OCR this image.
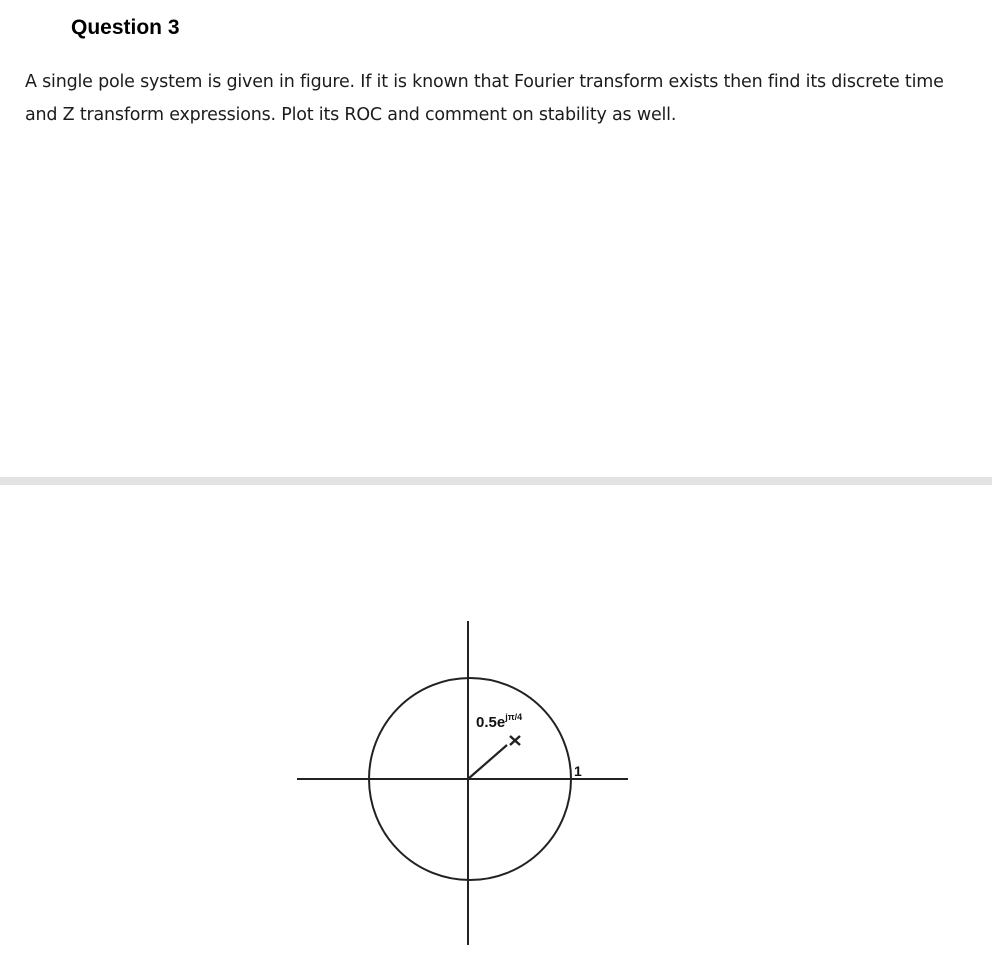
Question 3

A single pole system is given in figure. If it is known that Fourier transform exists then find its discrete time and Z transform expressions. Plot its ROC and comment on stability as well.

$0.5e^{j\pi/4}$
1
